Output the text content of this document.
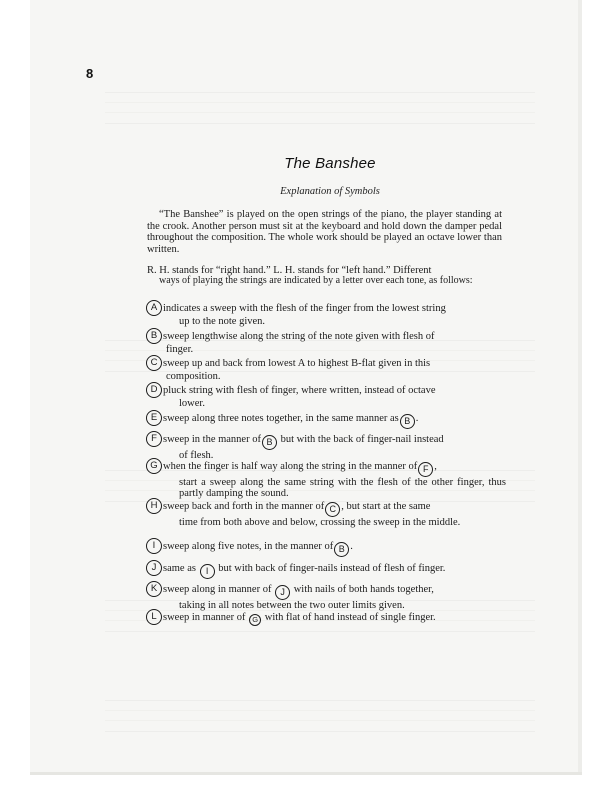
8
The Banshee
Explanation of Symbols

“The Banshee” is played on the open strings of the piano, the player standing at the crook. Another person must sit at the keyboard and hold down the damper pedal throughout the composition. The whole work should be played an octave lower than written.

R. H. stands for “right hand.” L. H. stands for “left hand.” Different
ways of playing the strings are indicated by a letter over each tone, as follows:
A indicates a sweep with the flesh of the finger from the lowest string
up to the note given.
B sweep lengthwise along the string of the note given with flesh of
finger.
C sweep up and back from lowest A to highest B-flat given in this
composition.
D pluck string with flesh of finger, where written, instead of octave
lower.
E sweep along three notes together, in the same manner as B .
F sweep in the manner of B but with the back of finger-nail instead
of flesh.
G when the finger is half way along the string in the manner of F ,
start a sweep along the same string with the flesh of the other finger, thus partly damping the sound.
H sweep back and forth in the manner of C , but start at the same
time from both above and below, crossing the sweep in the middle.
I sweep along five notes, in the manner of B .
J same as I but with back of finger-nails instead of flesh of finger.
K sweep along in manner of J with nails of both hands together,
taking in all notes between the two outer limits given.
L sweep in manner of G with flat of hand instead of single finger.
